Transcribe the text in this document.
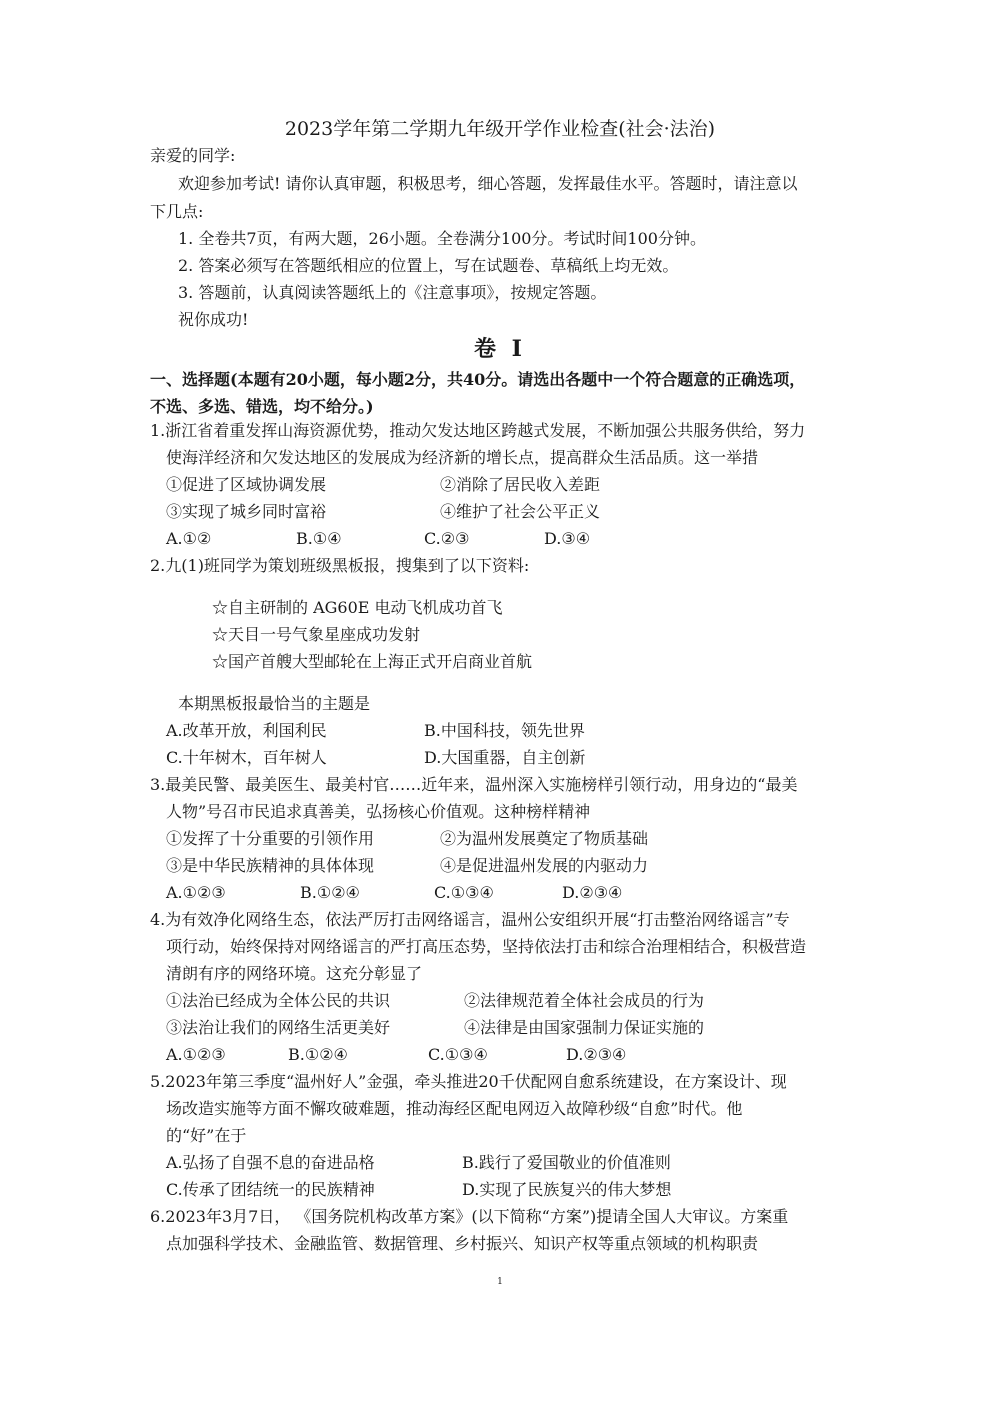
2023学年第二学期九年级开学作业检查(社会·法治)
亲爱的同学:
欢迎参加考试! 请你认真审题，积极思考，细心答题，发挥最佳水平。答题时，请注意以
下几点:
1. 全卷共7页，有两大题，26小题。全卷满分100分。考试时间100分钟。
2. 答案必须写在答题纸相应的位置上，写在试题卷、草稿纸上均无效。
3. 答题前，认真阅读答题纸上的《注意事项》，按规定答题。
祝你成功!
卷 I
一、选择题(本题有20小题，每小题2分，共40分。请选出各题中一个符合题意的正确选项，
不选、多选、错选，均不给分。)
1.浙江省着重发挥山海资源优势，推动欠发达地区跨越式发展，不断加强公共服务供给，努力
使海洋经济和欠发达地区的发展成为经济新的增长点，提高群众生活品质。这一举措
①促进了区域协调发展	②消除了居民收入差距
③实现了城乡同时富裕	④维护了社会公平正义
A.①②	B.①④	C.②③	D.③④
2.九(1)班同学为策划班级黑板报，搜集到了以下资料:
☆自主研制的 AG60E 电动飞机成功首飞
☆天目一号气象星座成功发射
☆国产首艘大型邮轮在上海正式开启商业首航
本期黑板报最恰当的主题是
A.改革开放，利国利民	B.中国科技，领先世界
C.十年树木，百年树人	D.大国重器，自主创新
3.最美民警、最美医生、最美村官……近年来，温州深入实施榜样引领行动，用身边的“最美
人物”号召市民追求真善美，弘扬核心价值观。这种榜样精神
①发挥了十分重要的引领作用	②为温州发展奠定了物质基础
③是中华民族精神的具体体现	④是促进温州发展的内驱动力
A.①②③	B.①②④	C.①③④	D.②③④
4.为有效净化网络生态，依法严厉打击网络谣言，温州公安组织开展“打击整治网络谣言”专
项行动，始终保持对网络谣言的严打高压态势，坚持依法打击和综合治理相结合，积极营造
清朗有序的网络环境。这充分彰显了
①法治已经成为全体公民的共识	②法律规范着全体社会成员的行为
③法治让我们的网络生活更美好	④法律是由国家强制力保证实施的
A.①②③	B.①②④	C.①③④	D.②③④
5.2023年第三季度“温州好人”金强，牵头推进20千伏配网自愈系统建设，在方案设计、现
场改造实施等方面不懈攻破难题，推动海经区配电网迈入故障秒级“自愈”时代。他
的“好”在于
A.弘扬了自强不息的奋进品格	B.践行了爱国敬业的价值准则
C.传承了团结统一的民族精神	D.实现了民族复兴的伟大梦想
6.2023年3月7日， 《国务院机构改革方案》(以下简称“方案”)提请全国人大审议。方案重
点加强科学技术、金融监管、数据管理、乡村振兴、知识产权等重点领域的机构职责
1
